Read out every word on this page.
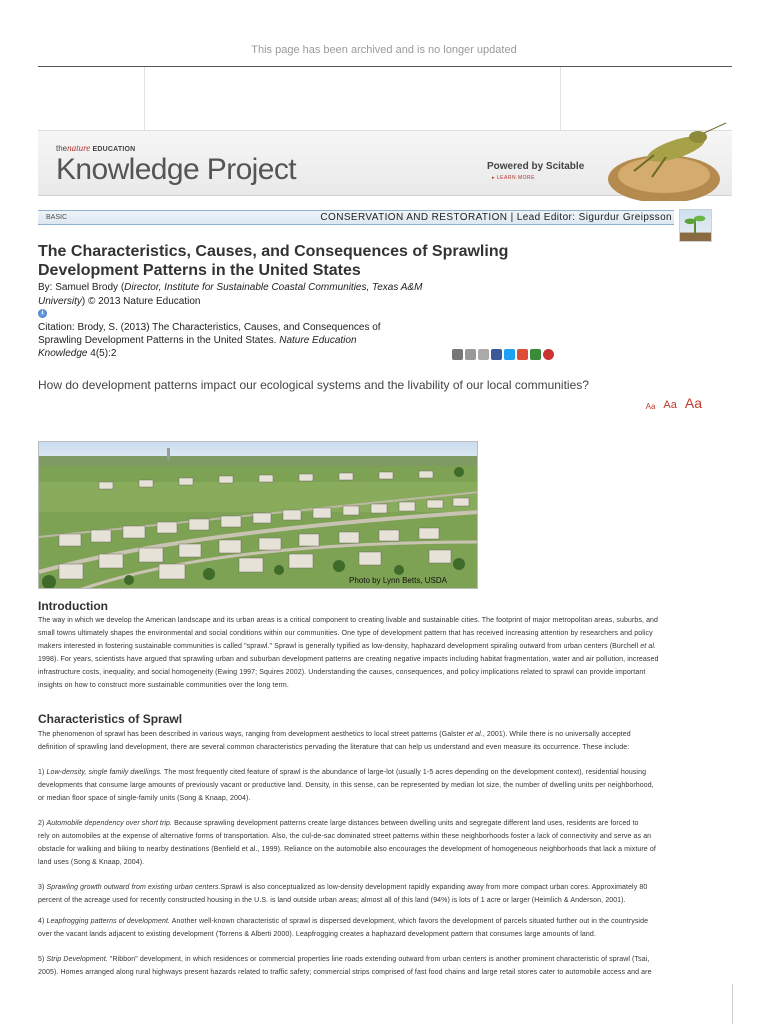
This page has been archived and is no longer updated
thenature EDUCATION
Knowledge Project	Powered by Scitable
▸ LEARN MORE
BASIC	CONSERVATION AND RESTORATION | Lead Editor: Sigurdur Greipsson
The Characteristics, Causes, and Consequences of Sprawling
Development Patterns in the United States
By: Samuel Brody (Director, Institute for Sustainable Coastal Communities, Texas A&M
University) © 2013 Nature Education
i
Citation: Brody, S. (2013) The Characteristics, Causes, and Consequences of
Sprawling Development Patterns in the United States. Nature Education
Knowledge 4(5):2
How do development patterns impact our ecological systems and the livability of our local communities?
Aa Aa Aa
Photo by Lynn Betts, USDA
Introduction
The way in which we develop the American landscape and its urban areas is a critical component to creating livable and sustainable cities. The footprint of major metropolitan areas, suburbs, and
small towns ultimately shapes the environmental and social conditions within our communities. One type of development pattern that has received increasing attention by researchers and policy
makers interested in fostering sustainable communities is called "sprawl." Sprawl is generally typified as low-density, haphazard development spiraling outward from urban centers (Burchell et al.
1998). For years, scientists have argued that sprawling urban and suburban development patterns are creating negative impacts including habitat fragmentation, water and air pollution, increased
infrastructure costs, inequality, and social homogeneity (Ewing 1997; Squires 2002). Understanding the causes, consequences, and policy implications related to sprawl can provide important
insights on how to construct more sustainable communities over the long term.
Characteristics of Sprawl
The phenomenon of sprawl has been described in various ways, ranging from development aesthetics to local street patterns (Galster et al., 2001). While there is no universally accepted
definition of sprawling land development, there are several common characteristics pervading the literature that can help us understand and even measure its occurrence. These include:
1) Low-density, single family dwellings. The most frequently cited feature of sprawl is the abundance of large-lot (usually 1-5 acres depending on the development context), residential housing
developments that consume large amounts of previously vacant or productive land. Density, in this sense, can be represented by median lot size, the number of dwelling units per neighborhood,
or median floor space of single-family units (Song & Knaap, 2004).
2) Automobile dependency over short trip. Because sprawling development patterns create large distances between dwelling units and segregate different land uses, residents are forced to
rely on automobiles at the expense of alternative forms of transportation. Also, the cul-de-sac dominated street patterns within these neighborhoods foster a lack of connectivity and serve as an
obstacle for walking and biking to nearby destinations (Benfield et al., 1999). Reliance on the automobile also encourages the development of homogeneous neighborhoods that lack a mixture of
land uses (Song & Knaap, 2004).
3) Sprawling growth outward from existing urban centers.Sprawl is also conceptualized as low-density development rapidly expanding away from more compact urban cores. Approximately 80
percent of the acreage used for recently constructed housing in the U.S. is land outside urban areas; almost all of this land (94%) is lots of 1 acre or larger (Heimlich & Anderson, 2001).
4) Leapfrogging patterns of development. Another well-known characteristic of sprawl is dispersed development, which favors the development of parcels situated further out in the countryside
over the vacant lands adjacent to existing development (Torrens & Alberti 2000). Leapfrogging creates a haphazard development pattern that consumes large amounts of land.
5) Strip Development. "Ribbon" development, in which residences or commercial properties line roads extending outward from urban centers is another prominent characteristic of sprawl (Tsai,
2005). Homes arranged along rural highways present hazards related to traffic safety; commercial strips comprised of fast food chains and large retail stores cater to automobile access and are
